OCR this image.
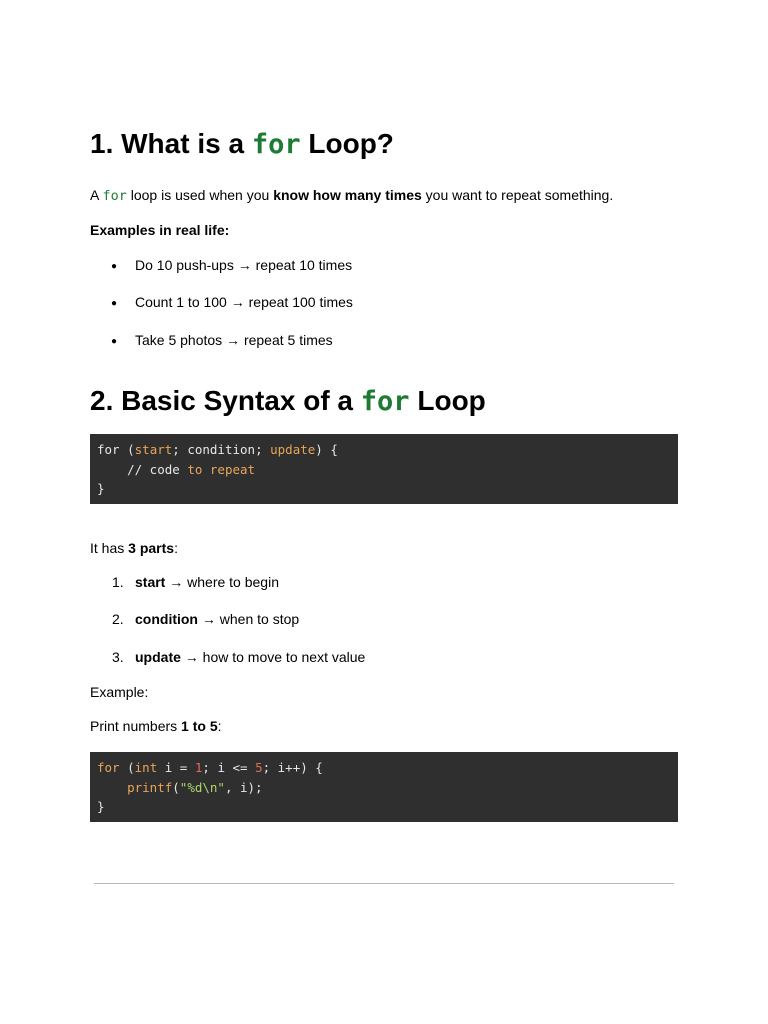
1. What is a for Loop?

A for loop is used when you know how many times you want to repeat something.

Examples in real life:

● Do 10 push-ups → repeat 10 times
● Count 1 to 100 → repeat 100 times
● Take 5 photos → repeat 5 times
2. Basic Syntax of a for Loop
for (start; condition; update) {
// code to repeat
}

It has 3 parts:

1. start → where to begin
2. condition → when to stop
3. update → how to move to next value

Example:

Print numbers 1 to 5:

for (int i = 1; i <= 5; i++) {
printf("%d\n", i);
}
